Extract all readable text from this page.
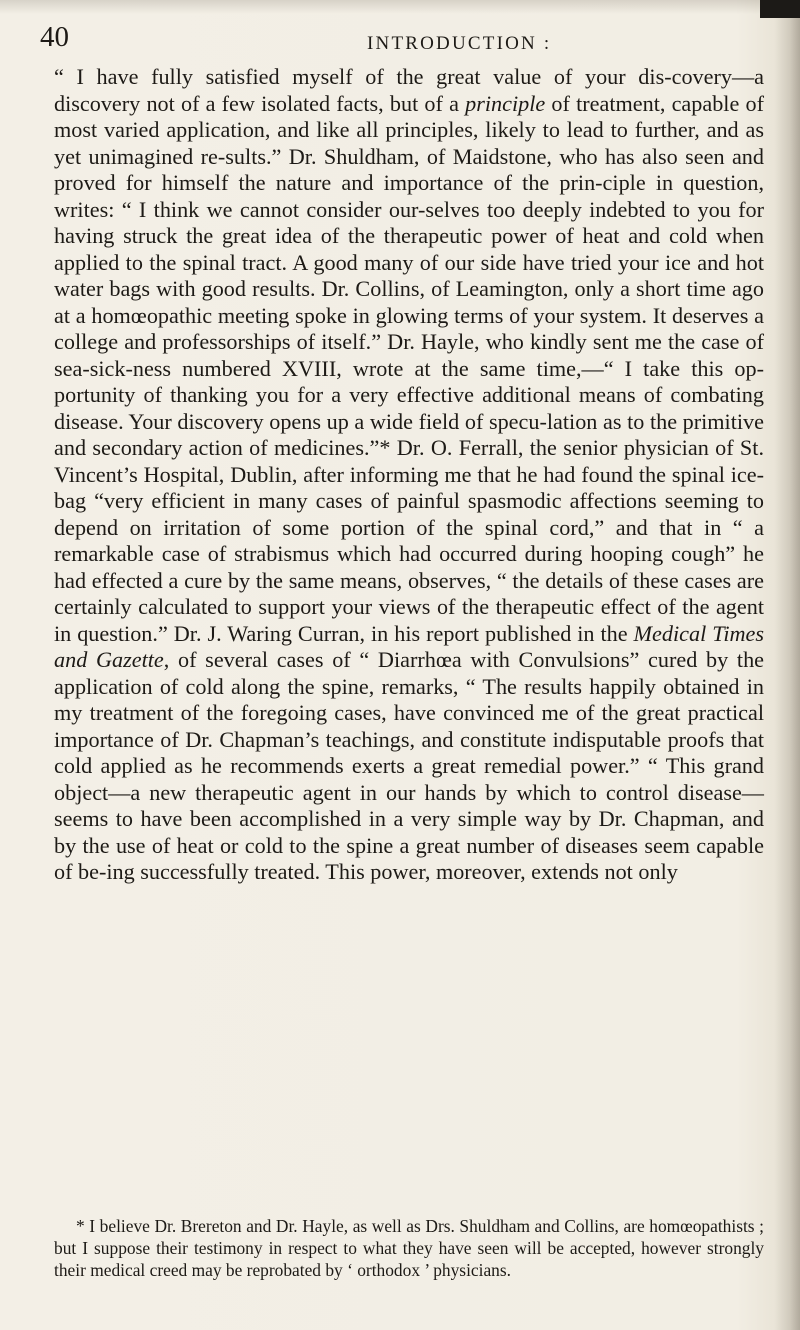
40	INTRODUCTION :

“ I have fully satisfied myself of the great value of your dis-covery—a discovery not of a few isolated facts, but of a principle of treatment, capable of most varied application, and like all principles, likely to lead to further, and as yet unimagined re-sults.” Dr. Shuldham, of Maidstone, who has also seen and proved for himself the nature and importance of the prin-ciple in question, writes: “ I think we cannot consider our-selves too deeply indebted to you for having struck the great idea of the therapeutic power of heat and cold when applied to the spinal tract. A good many of our side have tried your ice and hot water bags with good results. Dr. Collins, of Leamington, only a short time ago at a homœopathic meeting spoke in glowing terms of your system. It deserves a college and professorships of itself.” Dr. Hayle, who kindly sent me the case of sea-sick-ness numbered XVIII, wrote at the same time,—“ I take this op-portunity of thanking you for a very effective additional means of combating disease. Your discovery opens up a wide field of specu-lation as to the primitive and secondary action of medicines.”* Dr. O. Ferrall, the senior physician of St. Vincent’s Hospital, Dublin, after informing me that he had found the spinal ice-bag “very efficient in many cases of painful spasmodic affections seeming to depend on irritation of some portion of the spinal cord,” and that in “ a remarkable case of strabismus which had occurred during hooping cough” he had effected a cure by the same means, observes, “ the details of these cases are certainly calculated to support your views of the therapeutic effect of the agent in question.” Dr. J. Waring Curran, in his report published in the Medical Times and Gazette, of several cases of “ Diarrhœa with Convulsions” cured by the application of cold along the spine, remarks, “ The results happily obtained in my treatment of the foregoing cases, have convinced me of the great practical importance of Dr. Chapman’s teachings, and constitute indisputable proofs that cold applied as he recommends exerts a great remedial power.” “ This grand object—a new therapeutic agent in our hands by which to control disease—seems to have been accomplished in a very simple way by Dr. Chapman, and by the use of heat or cold to the spine a great number of diseases seem capable of be-ing successfully treated. This power, moreover, extends not only

* I believe Dr. Brereton and Dr. Hayle, as well as Drs. Shuldham and Collins, are homœopathists ; but I suppose their testimony in respect to what they have seen will be accepted, however strongly their medical creed may be reprobated by ‘ orthodox ’ physicians.
